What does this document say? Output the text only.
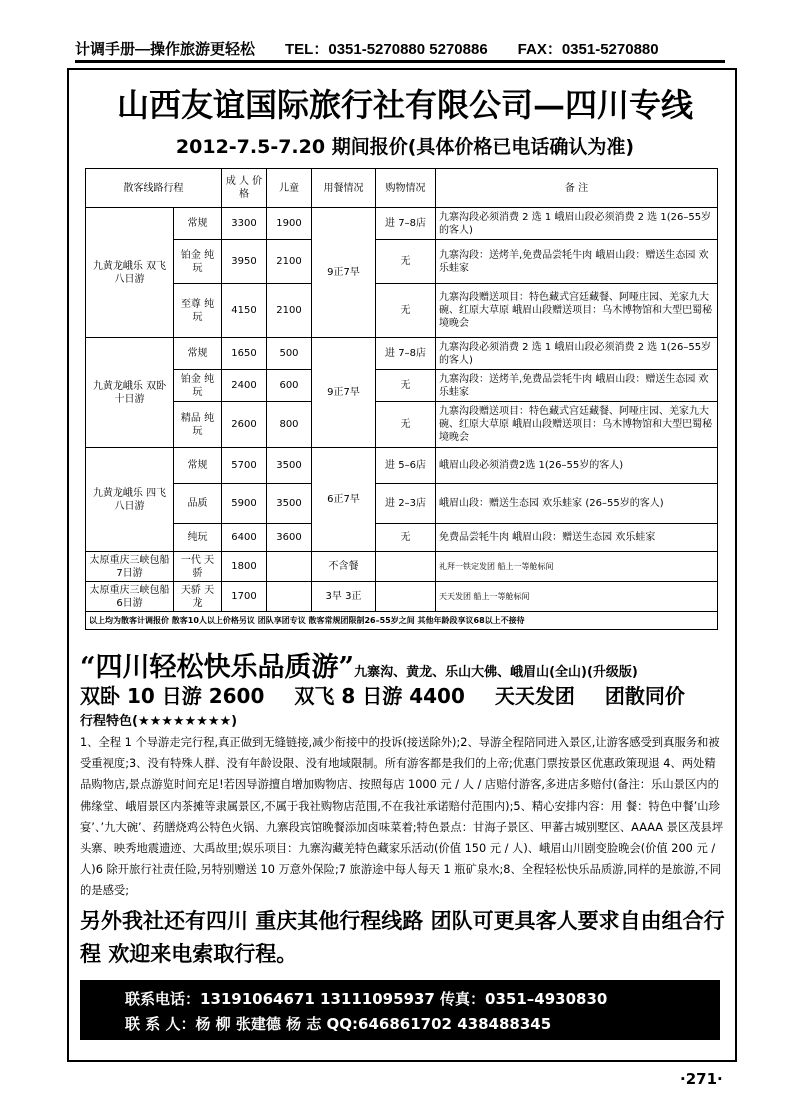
计调手册—操作旅游更轻松 TEL：0351-5270880 5270886 FAX：0351-5270880
山西友谊国际旅行社有限公司—四川专线
2012-7.5-7.20 期间报价(具体价格已电话确认为准)
散客线路行程		成 人 价格	儿童	用餐情况	购物情况	备 注
九黄龙峨乐 双飞八日游	常规	3300	1900	9正7早	进 7–8店	九寨沟段必须消费 2 选 1 峨眉山段必须消费 2 选 1(26–55岁的客人)
	铂金 纯玩	3950	2100		无	九寨沟段：送烤羊,免费品尝牦牛肉 峨眉山段：赠送生态园 欢乐蛙家
	至尊 纯玩	4150	2100		无	九寨沟段赠送项目：特色藏式宫廷藏餐、阿哑庄园、羌家九大碗、红原大草原 峨眉山段赠送项目：乌木博物馆和大型巴蜀秘境晚会
九黄龙峨乐 双卧十日游	常规	1650	500	9正7早	进 7–8店	九寨沟段必须消费 2 选 1 峨眉山段必须消费 2 选 1(26–55岁的客人)
	铂金 纯玩	2400	600		无	九寨沟段：送烤羊,免费品尝牦牛肉 峨眉山段：赠送生态园 欢乐蛙家
	精品 纯玩	2600	800		无	九寨沟段赠送项目：特色藏式宫廷藏餐、阿哑庄园、羌家九大碗、红原大草原 峨眉山段赠送项目：乌木博物馆和大型巴蜀秘境晚会
九黄龙峨乐 四飞八日游	常规	5700	3500	6正7早	进 5–6店	峨眉山段必须消费2选 1(26–55岁的客人)
	品质	5900	3500		进 2–3店	峨眉山段：赠送生态园 欢乐蛙家 (26–55岁的客人)
	纯玩	6400	3600		无	免费品尝牦牛肉 峨眉山段：赠送生态园 欢乐蛙家
太原重庆三峡包船7日游	一代 天骄	1800		不含餐		礼拜一铁定发团 船上一等舱标间
太原重庆三峡包船6日游	天骄 天龙	1700		3早 3正		天天发团 船上一等舱标间
以上均为散客计调报价 散客10人以上价格另议 团队享团专议 散客常规团限制26–55岁之间 其他年龄段享议68以上不接待						
“四川轻松快乐品质游”九寨沟、黄龙、乐山大佛、峨眉山(全山)(升级版)
双卧 10 日游 2600 双飞 8 日游 4400 天天发团 团散同价
行程特色(★★★★★★★★)
1、全程 1 个导游走完行程,真正做到无缝链接,减少衔接中的投诉(接送除外);2、导游全程陪同进入景区,让游客感受到真服务和被受重视度;3、没有特殊人群、没有年龄设限、没有地域限制。所有游客都是我们的上帝;优惠门票按景区优惠政策现退 4、两处精品购物店,景点游览时间充足!若因导游擅自增加购物店、按照每店 1000 元 / 人 / 店赔付游客,多进店多赔付(备注：乐山景区内的佛缘堂、峨眉景区内茶摊等隶属景区,不属于我社购物店范围,不在我社承诺赔付范围内);5、精心安排内容：用 餐：特色中餐’山珍宴’、’九大碗’、药膳烧鸡公特色火锅、九寨段宾馆晚餐添加卤味菜着;特色景点：甘海子景区、甲蕃古城别墅区、AAAA 景区茂县坪头寨、映秀地震遗迹、大禹故里;娱乐项目：九寨沟藏羌特色藏家乐活动(价值 150 元 / 人)、峨眉山川剧变脸晚会(价值 200 元 / 人)6 除开旅行社责任险,另特别赠送 10 万意外保险;7 旅游途中每人每天 1 瓶矿泉水;8、全程轻松快乐品质游,同样的是旅游,不同的是感受;
另外我社还有四川 重庆其他行程线路 团队可更具客人要求自由组合行程 欢迎来电索取行程。
联系电话：13191064671 13111095937 传真：0351–4930830
联 系 人：杨 柳 张建德 杨 志 QQ:646861702 438488345
·271·
